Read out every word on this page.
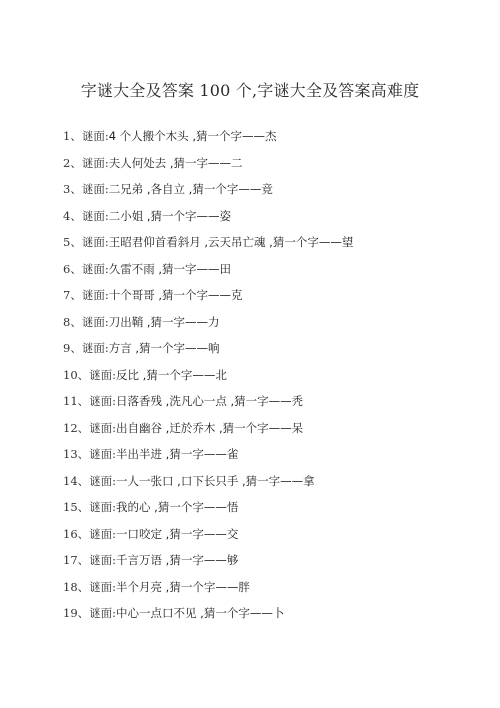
字谜大全及答案 100 个,字谜大全及答案高难度
1、谜面:4 个人搬个木头 ,猜一个字——杰
2、谜面:夫人何处去 ,猜一字——二
3、谜面:二兄弟 ,各自立 ,猜一个字——竞
4、谜面:二小姐 ,猜一个字——姿
5、谜面:王昭君仰首看斜月 ,云天吊亡魂 ,猜一个字——望
6、谜面:久雷不雨 ,猜一字——田
7、谜面:十个哥哥 ,猜一个字——克
8、谜面:刀出鞘 ,猜一字——力
9、谜面:方言 ,猜一个字——响
10、谜面:反比 ,猜一个字——北
11、谜面:日落香残 ,洗凡心一点 ,猜一字——秃
12、谜面:出自幽谷 ,迁於乔木 ,猜一个字——呆
13、谜面:半出半进 ,猜一字——雀
14、谜面:一人一张口 ,口下长只手 ,猜一字——拿
15、谜面:我的心 ,猜一个字——悟
16、谜面:一口咬定 ,猜一字——交
17、谜面:千言万语 ,猜一字——够
18、谜面:半个月亮 ,猜一个字——胖
19、谜面:中心一点口不见 ,猜一个字——卜
